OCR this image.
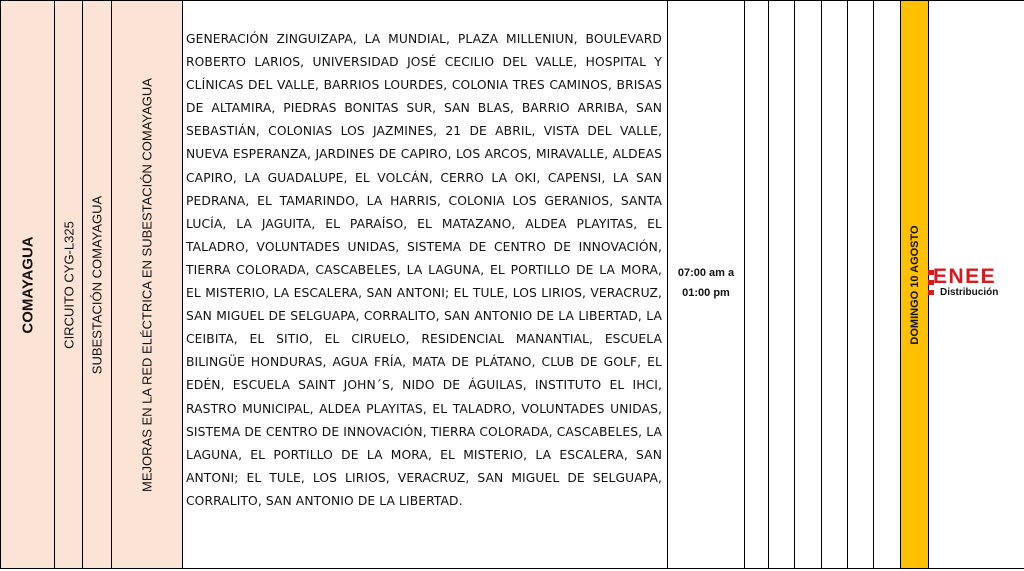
COMAYAGUA CIRCUITO CYG-L325 SUBESTACIÓN COMAYAGUA	MEJORAS EN LA RED ELÉCTRICA EN SUBESTACIÓN COMAYAGUA
GENERACIÓN ZINGUIZAPA, LA MUNDIAL, PLAZA MILLENIUN, BOULEVARD ROBERTO LARIOS, UNIVERSIDAD JOSÉ CECILIO DEL VALLE, HOSPITAL Y CLÍNICAS DEL VALLE, BARRIOS LOURDES, COLONIA TRES CAMINOS, BRISAS DE ALTAMIRA, PIEDRAS BONITAS SUR, SAN BLAS, BARRIO ARRIBA, SAN SEBASTIÁN, COLONIAS LOS JAZMINES, 21 DE ABRIL, VISTA DEL VALLE, NUEVA ESPERANZA, JARDINES DE CAPIRO, LOS ARCOS, MIRAVALLE, ALDEAS CAPIRO, LA GUADALUPE, EL VOLCÁN, CERRO LA OKI, CAPENSI, LA SAN PEDRANA, EL TAMARINDO, LA HARRIS, COLONIA LOS GERANIOS, SANTA LUCÍA, LA JAGUITA, EL PARAÍSO, EL MATAZANO, ALDEA PLAYITAS, EL TALADRO, VOLUNTADES UNIDAS, SISTEMA DE CENTRO DE INNOVACIÓN, TIERRA COLORADA, CASCABELES, LA LAGUNA, EL PORTILLO DE LA MORA, EL MISTERIO, LA ESCALERA, SAN ANTONI; EL TULE, LOS LIRIOS, VERACRUZ, SAN MIGUEL DE SELGUAPA, CORRALITO, SAN ANTONIO DE LA LIBERTAD, LA CEIBITA, EL SITIO, EL CIRUELO, RESIDENCIAL MANANTIAL, ESCUELA BILINGÜE HONDURAS, AGUA FRÍA, MATA DE PLÁTANO, CLUB DE GOLF, EL EDÉN, ESCUELA SAINT JOHN´S, NIDO DE ÁGUILAS, INSTITUTO EL IHCI, RASTRO MUNICIPAL, ALDEA PLAYITAS, EL TALADRO, VOLUNTADES UNIDAS, SISTEMA DE CENTRO DE INNOVACIÓN, TIERRA COLORADA, CASCABELES, LA LAGUNA, EL PORTILLO DE LA MORA, EL MISTERIO, LA ESCALERA, SAN ANTONI; EL TULE, LOS LIRIOS, VERACRUZ, SAN MIGUEL DE SELGUAPA, CORRALITO, SAN ANTONIO DE LA LIBERTAD.
07:00 am a
01:00 pm	DOMINGO 10 AGOSTO ENEE
Distribución
